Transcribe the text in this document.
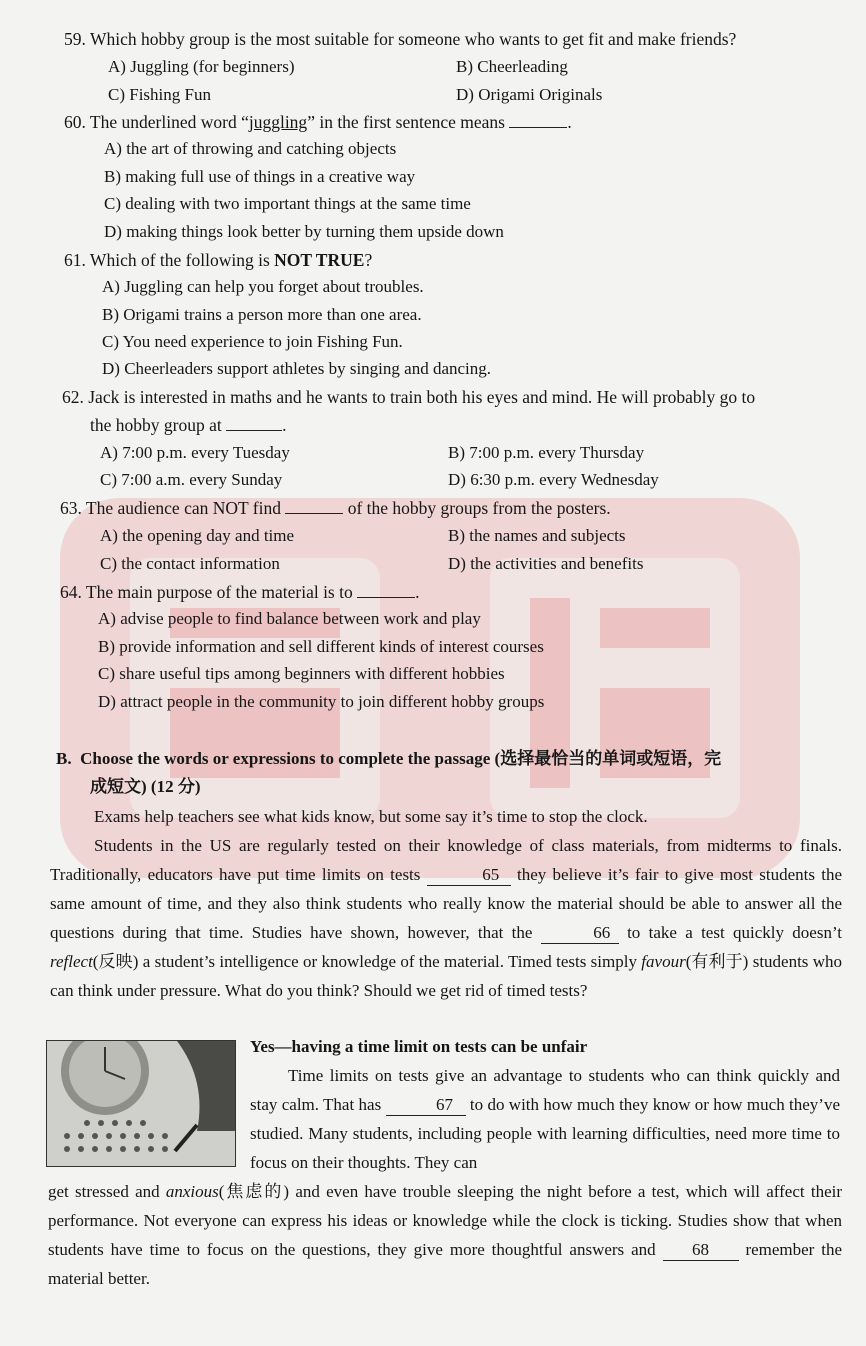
59. Which hobby group is the most suitable for someone who wants to get fit and make friends?
A) Juggling (for beginners)	B) Cheerleading
C) Fishing Fun	D) Origami Originals
60. The underlined word “juggling” in the first sentence means	.
A) the art of throwing and catching objects
B) making full use of things in a creative way
C) dealing with two important things at the same time
D) making things look better by turning them upside down
61. Which of the following is NOT TRUE?
A) Juggling can help you forget about troubles.
B) Origami trains a person more than one area.
C) You need experience to join Fishing Fun.
D) Cheerleaders support athletes by singing and dancing.
62. Jack is interested in maths and he wants to train both his eyes and mind. He will probably go to
the hobby group at	.
A) 7:00 p.m. every Tuesday	B) 7:00 p.m. every Thursday
C) 7:00 a.m. every Sunday	D) 6:30 p.m. every Wednesday
63. The audience can NOT find	of the hobby groups from the posters.
A) the opening day and time	B) the names and subjects
C) the contact information	D) the activities and benefits
64. The main purpose of the material is to	.
A) advise people to find balance between work and play
B) provide information and sell different kinds of interest courses
C) share useful tips among beginners with different hobbies
D) attract people in the community to join different hobby groups
B. Choose the words or expressions to complete the passage (选择最恰当的单词或短语，完
成短文) (12 分)
Exams help teachers see what kids know, but some say it’s time to stop the clock.

Students in the US are regularly tested on their knowledge of class materials, from midterms to finals. Traditionally, educators have put time limits on tests	65 they believe it’s fair to give most students the same amount of time, and they also think students who really know the material should be able to answer all the questions during that time. Studies have shown, however, that the	66 to take a test quickly doesn’t reflect(反映) a student’s intelligence or knowledge of the material. Timed tests simply favour(有利于) students who can think under pressure. What do you think? Should we get rid of timed tests?

Yes—having a time limit on tests can be unfair

Time limits on tests give an advantage to students who can think quickly and stay calm. That has	67 to do with how much they know or how much they’ve studied. Many students, including people with learning difficulties, need more time to focus on their thoughts. They can

get stressed and anxious(焦虑的) and even have trouble sleeping the night before a test, which will affect their performance. Not everyone can express his ideas or knowledge while the clock is ticking. Studies show that when students have time to focus on the questions, they give more thoughtful answers and 68 remember the material better.
